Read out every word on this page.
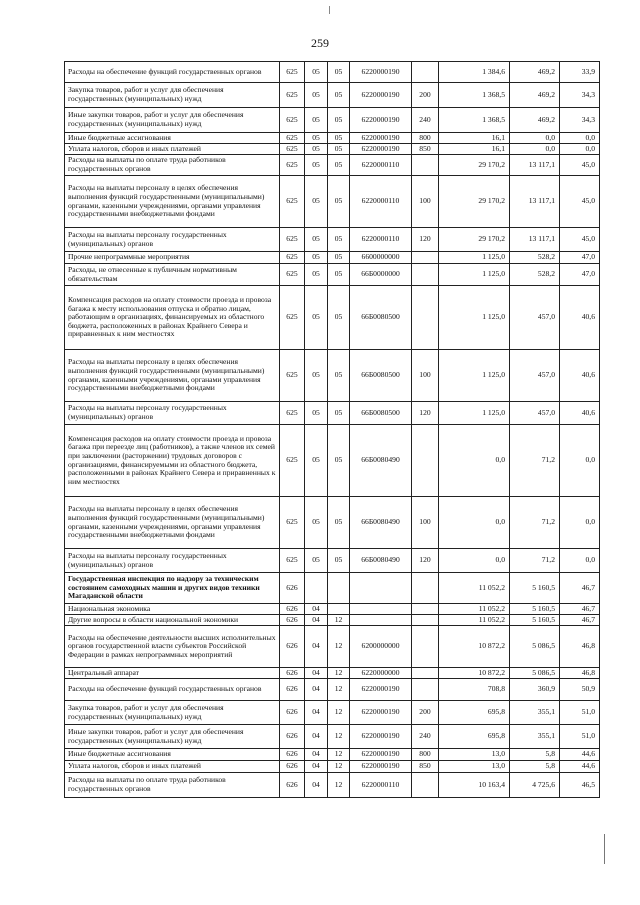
259
Расходы на обеспечение функций государственных органов	625	05	05	6220000190		1 384,6	469,2	33,9
Закупка товаров, работ и услуг для обеспечения государственных (муниципальных) нужд	625	05	05	6220000190	200	1 368,5	469,2	34,3
Иные закупки товаров, работ и услуг для обеспечения государственных (муниципальных) нужд	625	05	05	6220000190	240	1 368,5	469,2	34,3
Иные бюджетные ассигнования	625	05	05	6220000190	800	16,1	0,0	0,0
Уплата налогов, сборов и иных платежей	625	05	05	6220000190	850	16,1	0,0	0,0
Расходы на выплаты по оплате труда работников государственных органов	625	05	05	6220000110		29 170,2	13 117,1	45,0
Расходы на выплаты персоналу в целях обеспечения выполнения функций государственными (муниципальными) органами, казенными учреждениями, органами управления государственными внебюджетными фондами	625	05	05	6220000110	100	29 170,2	13 117,1	45,0
Расходы на выплаты персоналу государственных (муниципальных) органов	625	05	05	6220000110	120	29 170,2	13 117,1	45,0
Прочие непрограммные мероприятия	625	05	05	6600000000		1 125,0	528,2	47,0
Расходы, не отнесенные к публичным нормативным обязательствам	625	05	05	66Б0000000		1 125,0	528,2	47,0
Компенсация расходов на оплату стоимости проезда и провоза багажа к месту использования отпуска и обратно лицам, работающим в организациях, финансируемых из областного бюджета, расположенных в районах Крайнего Севера и приравненных к ним местностях	625	05	05	66Б0080500		1 125,0	457,0	40,6
Расходы на выплаты персоналу в целях обеспечения выполнения функций государственными (муниципальными) органами, казенными учреждениями, органами управления государственными внебюджетными фондами	625	05	05	66Б0080500	100	1 125,0	457,0	40,6
Расходы на выплаты персоналу государственных (муниципальных) органов	625	05	05	66Б0080500	120	1 125,0	457,0	40,6
Компенсация расходов на оплату стоимости проезда и провоза багажа при переезде лиц (работников), а также членов их семей при заключении (расторжении) трудовых договоров с организациями, финансируемыми из областного бюджета, расположенными в районах Крайнего Севера и приравненных к ним местностях	625	05	05	66Б0080490		0,0	71,2	0,0
Расходы на выплаты персоналу в целях обеспечения выполнения функций государственными (муниципальными) органами, казенными учреждениями, органами управления государственными внебюджетными фондами	625	05	05	66Б0080490	100	0,0	71,2	0,0
Расходы на выплаты персоналу государственных (муниципальных) органов	625	05	05	66Б0080490	120	0,0	71,2	0,0
Государственная инспекция по надзору за техническим состоянием самоходных машин и других видов техники Магаданской области	626					11 052,2	5 160,5	46,7
Национальная экономика	626	04				11 052,2	5 160,5	46,7
Другие вопросы в области национальной экономики	626	04	12			11 052,2	5 160,5	46,7
Расходы на обеспечение деятельности высших исполнительных органов государственной власти субъектов Российской Федерации в рамках непрограммных мероприятий	626	04	12	6200000000		10 872,2	5 086,5	46,8
Центральный аппарат	626	04	12	6220000000		10 872,2	5 086,5	46,8
Расходы на обеспечение функций государственных органов	626	04	12	6220000190		708,8	360,9	50,9
Закупка товаров, работ и услуг для обеспечения государственных (муниципальных) нужд	626	04	12	6220000190	200	695,8	355,1	51,0
Иные закупки товаров, работ и услуг для обеспечения государственных (муниципальных) нужд	626	04	12	6220000190	240	695,8	355,1	51,0
Иные бюджетные ассигнования	626	04	12	6220000190	800	13,0	5,8	44,6
Уплата налогов, сборов и иных платежей	626	04	12	6220000190	850	13,0	5,8	44,6
Расходы на выплаты по оплате труда работников государственных органов	626	04	12	6220000110		10 163,4	4 725,6	46,5
